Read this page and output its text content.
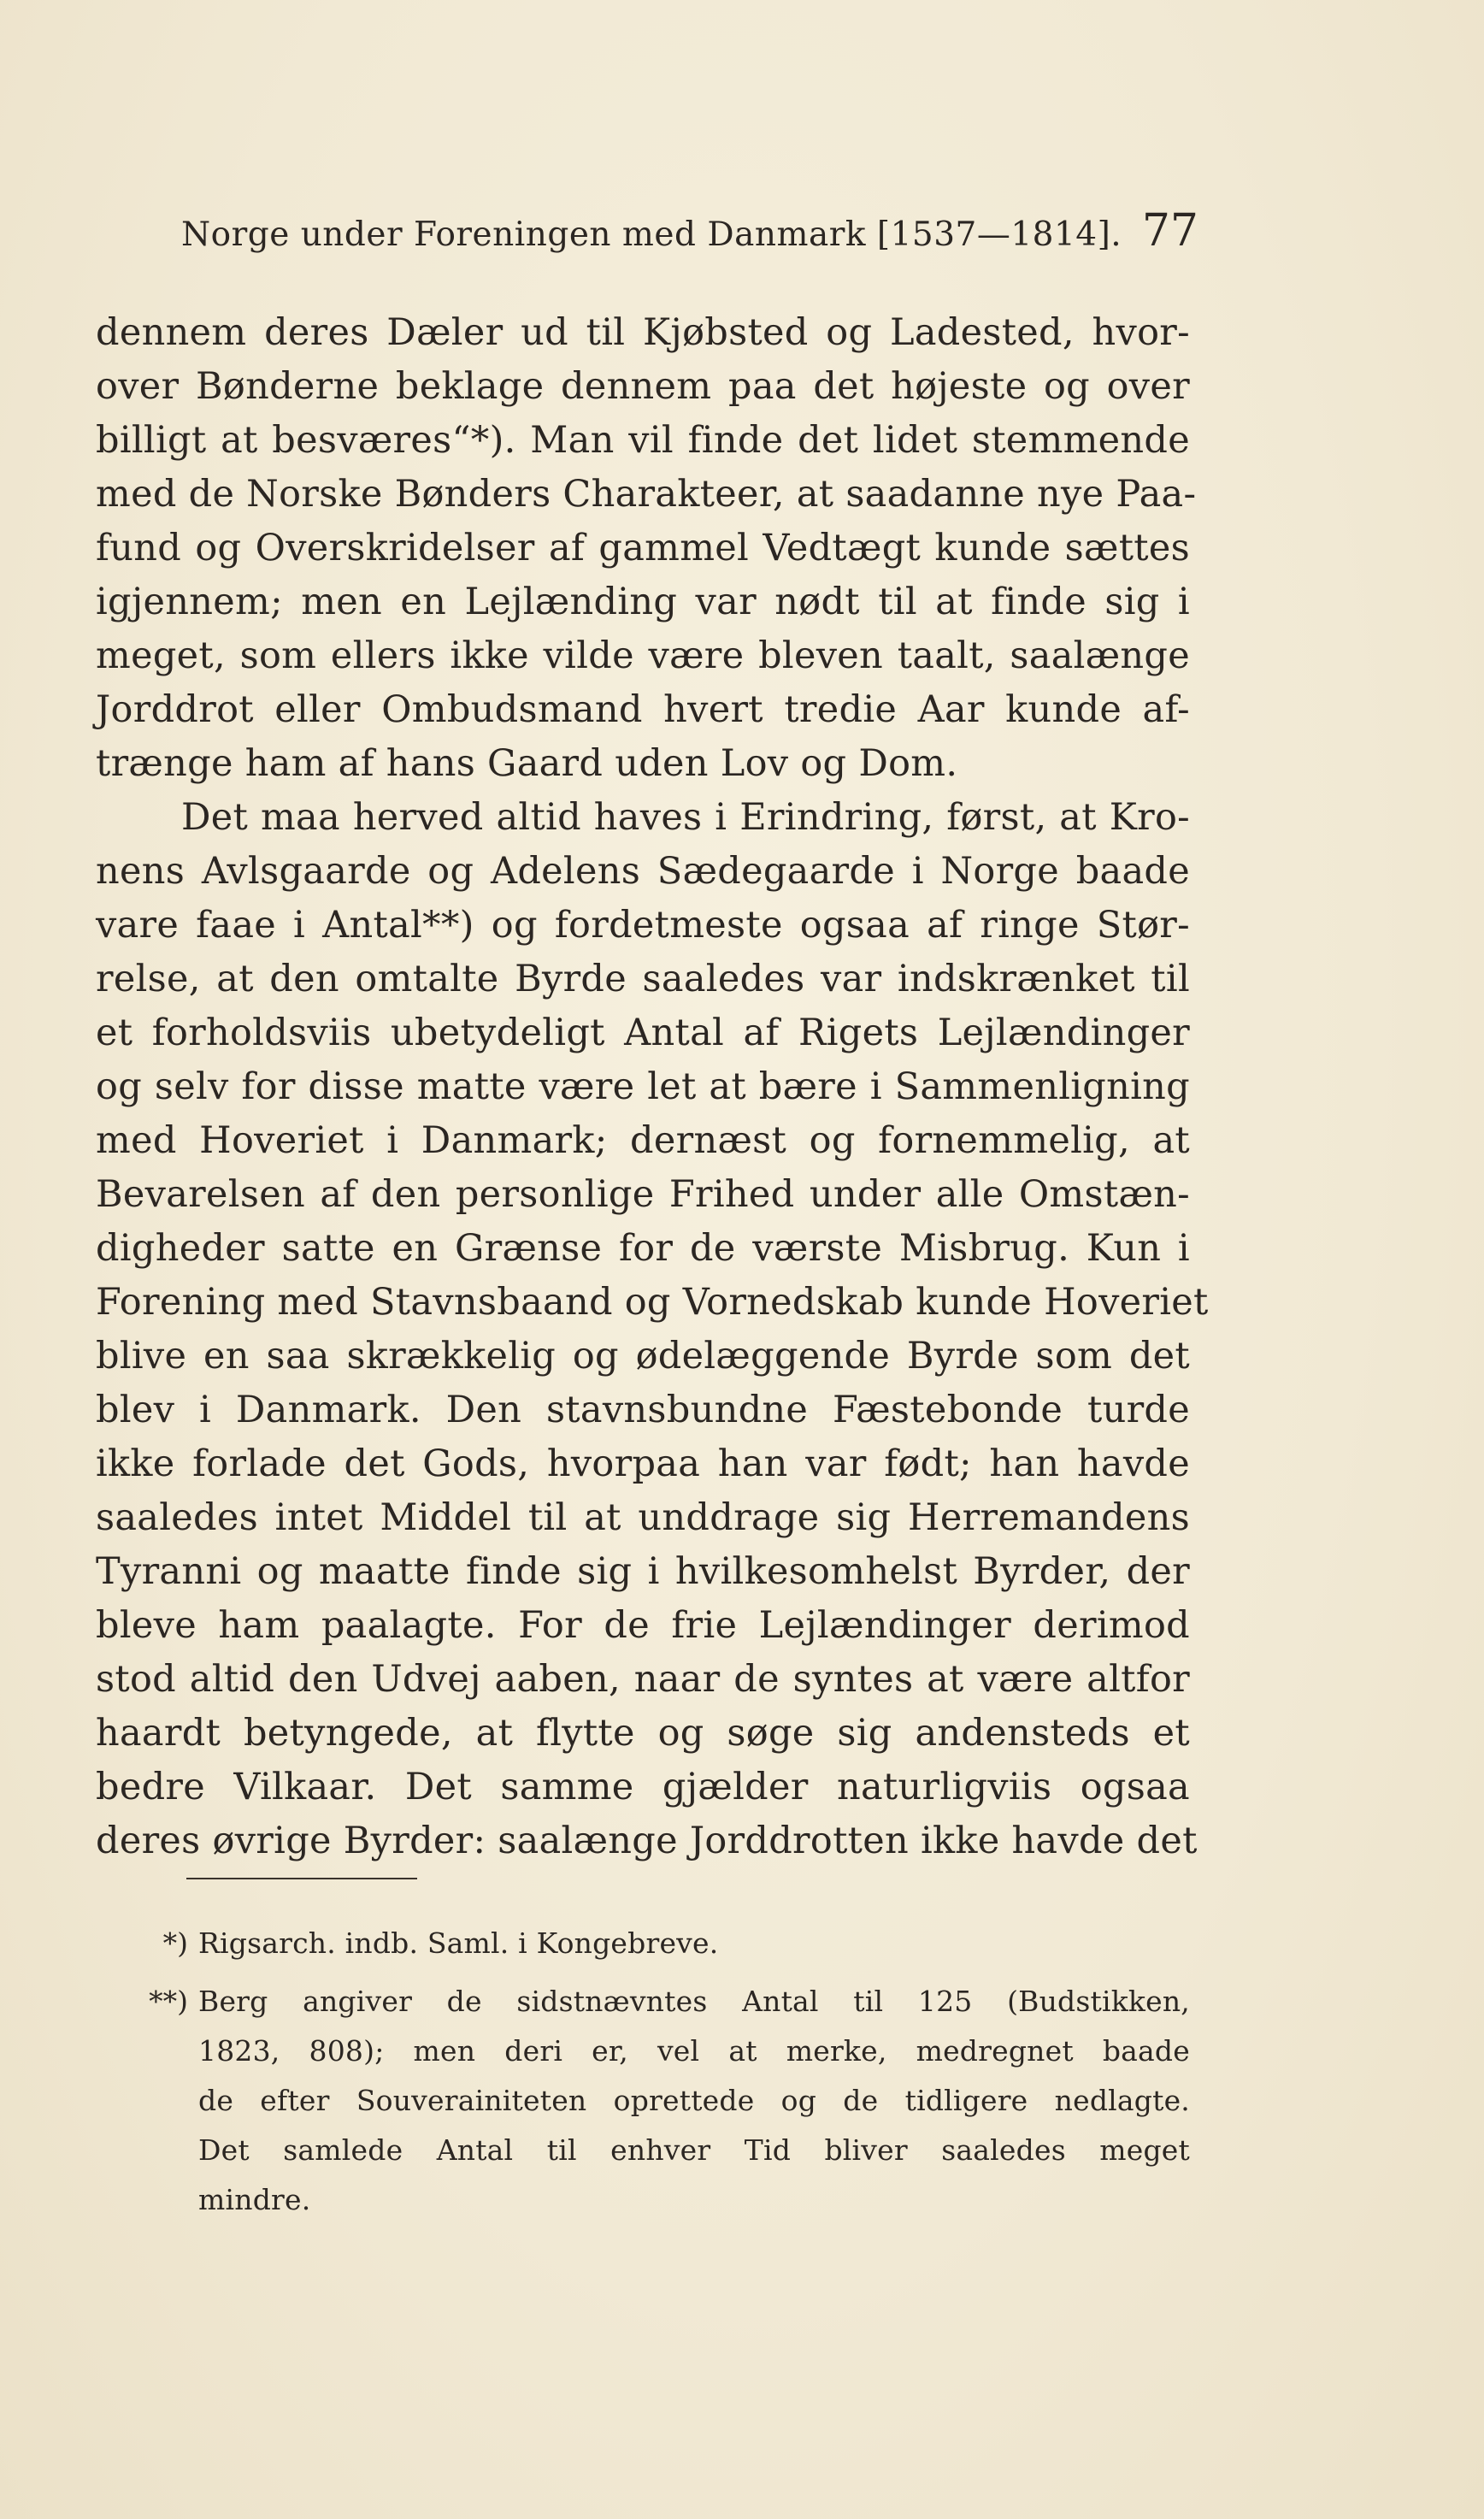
Norge under Foreningen med Danmark [1537—1814]. 77
dennem deres Dæler ud til Kjøbsted og Ladested, hvor-
over Bønderne beklage dennem paa det højeste og over
billigt at besværes“*). Man vil finde det lidet stemmende
med de Norske Bønders Charakteer, at saadanne nye Paa-
fund og Overskridelser af gammel Vedtægt kunde sættes
igjennem; men en Lejlænding var nødt til at finde sig i
meget, som ellers ikke vilde være bleven taalt, saalænge
Jorddrot eller Ombudsmand hvert tredie Aar kunde af-
trænge ham af hans Gaard uden Lov og Dom.
Det maa herved altid haves i Erindring, først, at Kro-
nens Avlsgaarde og Adelens Sædegaarde i Norge baade
vare faae i Antal**) og fordetmeste ogsaa af ringe Stør-
relse, at den omtalte Byrde saaledes var indskrænket til
et forholdsviis ubetydeligt Antal af Rigets Lejlændinger
og selv for disse matte være let at bære i Sammenligning
med Hoveriet i Danmark; dernæst og fornemmelig, at
Bevarelsen af den personlige Frihed under alle Omstæn-
digheder satte en Grænse for de værste Misbrug. Kun i
Forening med Stavnsbaand og Vornedskab kunde Hoveriet
blive en saa skrækkelig og ødelæggende Byrde som det
blev i Danmark. Den stavnsbundne Fæstebonde turde
ikke forlade det Gods, hvorpaa han var født; han havde
saaledes intet Middel til at unddrage sig Herremandens
Tyranni og maatte finde sig i hvilkesomhelst Byrder, der
bleve ham paalagte. For de frie Lejlændinger derimod
stod altid den Udvej aaben, naar de syntes at være altfor
haardt betyngede, at flytte og søge sig andensteds et
bedre Vilkaar. Det samme gjælder naturligviis ogsaa
deres øvrige Byrder: saalænge Jorddrotten ikke havde det
*) Rigsarch. indb. Saml. i Kongebreve.
**) Berg angiver de sidstnævntes Antal til 125 (Budstikken,
1823, 808); men deri er, vel at merke, medregnet baade
de efter Souverainiteten oprettede og de tidligere nedlagte.
Det samlede Antal til enhver Tid bliver saaledes meget
mindre.
